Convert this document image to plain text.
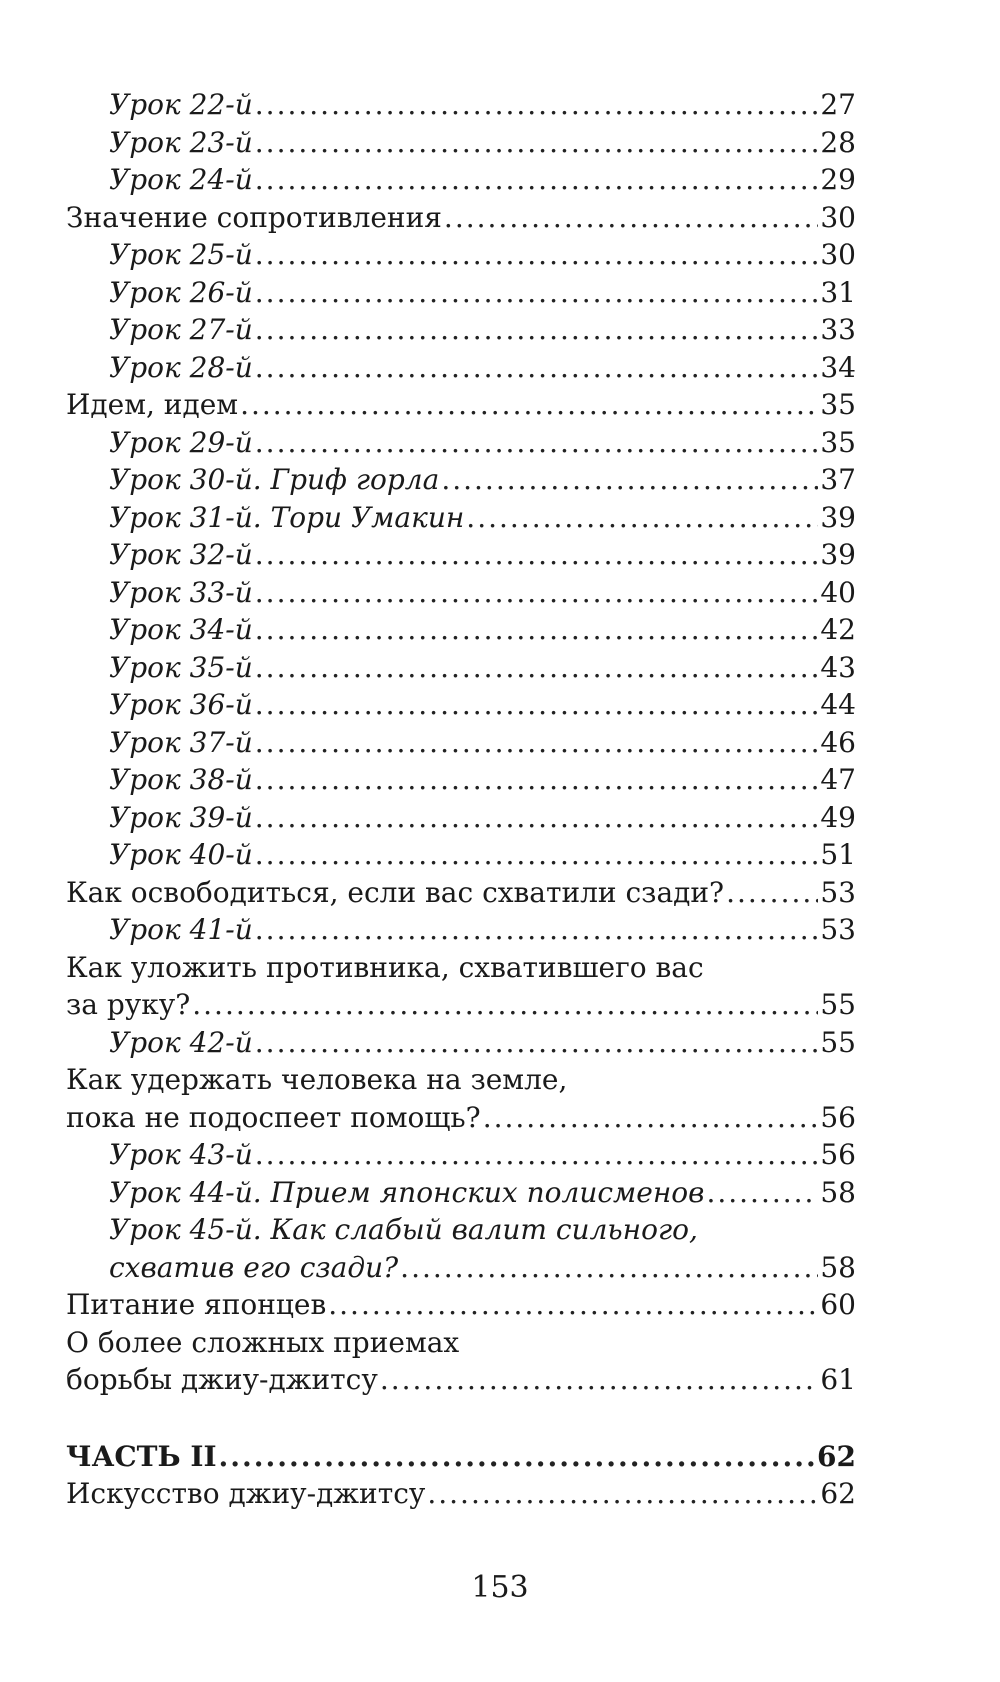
Урок 22-й .....	27
Урок 23-й .....	28
Урок 24-й .....	29
Значение сопротивления .....	30
Урок 25-й .....	30
Урок 26-й .....	31
Урок 27-й .....	33
Урок 28-й .....	34
Идем, идем .....	35
Урок 29-й .....	35
Урок 30-й. Гриф горла .....	37
Урок 31-й. Тори Умакин .....	39
Урок 32-й .....	39
Урок 33-й .....	40
Урок 34-й .....	42
Урок 35-й .....	43
Урок 36-й .....	44
Урок 37-й .....	46
Урок 38-й .....	47
Урок 39-й .....	49
Урок 40-й .....	51
Как освободиться, если вас схватили сзади? .....	53
Урок 41-й .....	53
Как уложить противника, схватившего вас
за руку? .....	55
Урок 42-й .....	55
Как удержать человека на земле,
пока не подоспеет помощь? .....	56
Урок 43-й .....	56
Урок 44-й. Прием японских полисменов .....	58
Урок 45-й. Как слабый валит сильного,
схватив его сзади? .....	58
Питание японцев .....	60
О более сложных приемах
борьбы джиу-джитсу .....	61
ЧАСТЬ II .....	62
Искусство джиу-джитсу .....	62
153
